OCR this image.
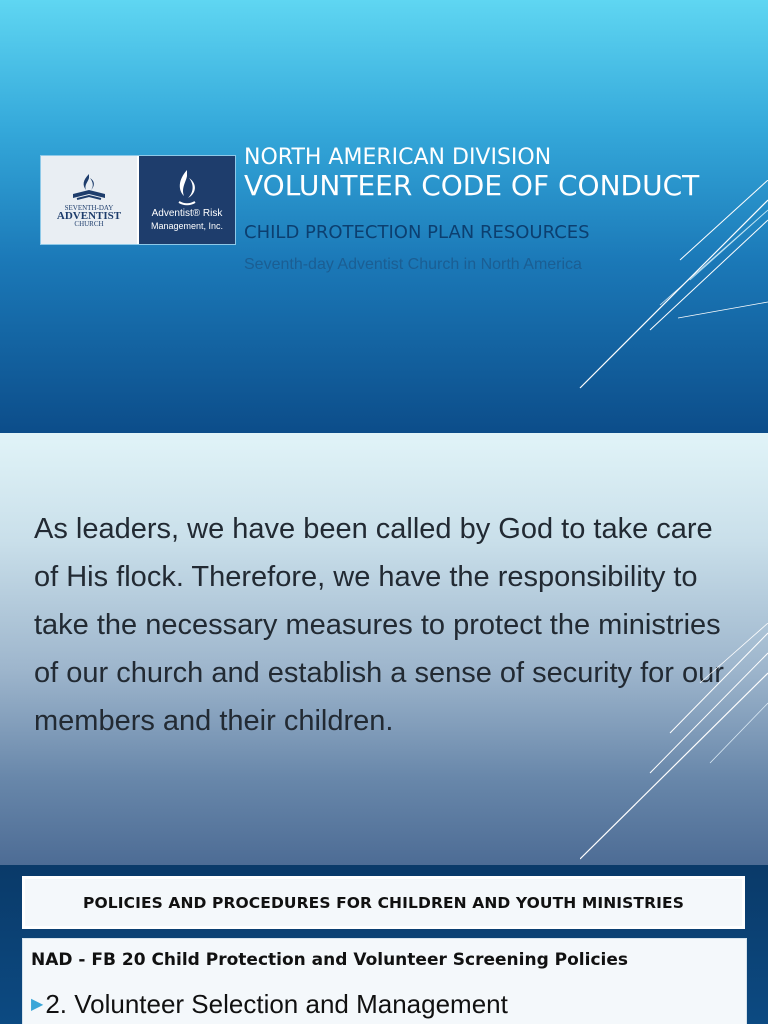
SEVENTH-DAY
ADVENTIST
CHURCH
Adventist® Risk
Management, Inc.
NORTH AMERICAN DIVISION
VOLUNTEER CODE OF CONDUCT
CHILD PROTECTION PLAN RESOURCES
Seventh-day Adventist Church in North America
As leaders, we have been called by God to take care of His flock. Therefore, we have the responsibility to take the necessary measures to protect the ministries of our church and establish a sense of security for our members and their children.
POLICIES AND PROCEDURES FOR CHILDREN AND YOUTH MINISTRIES
NAD - FB 20 Child Protection and Volunteer Screening Policies
▶2. Volunteer Selection and Management
